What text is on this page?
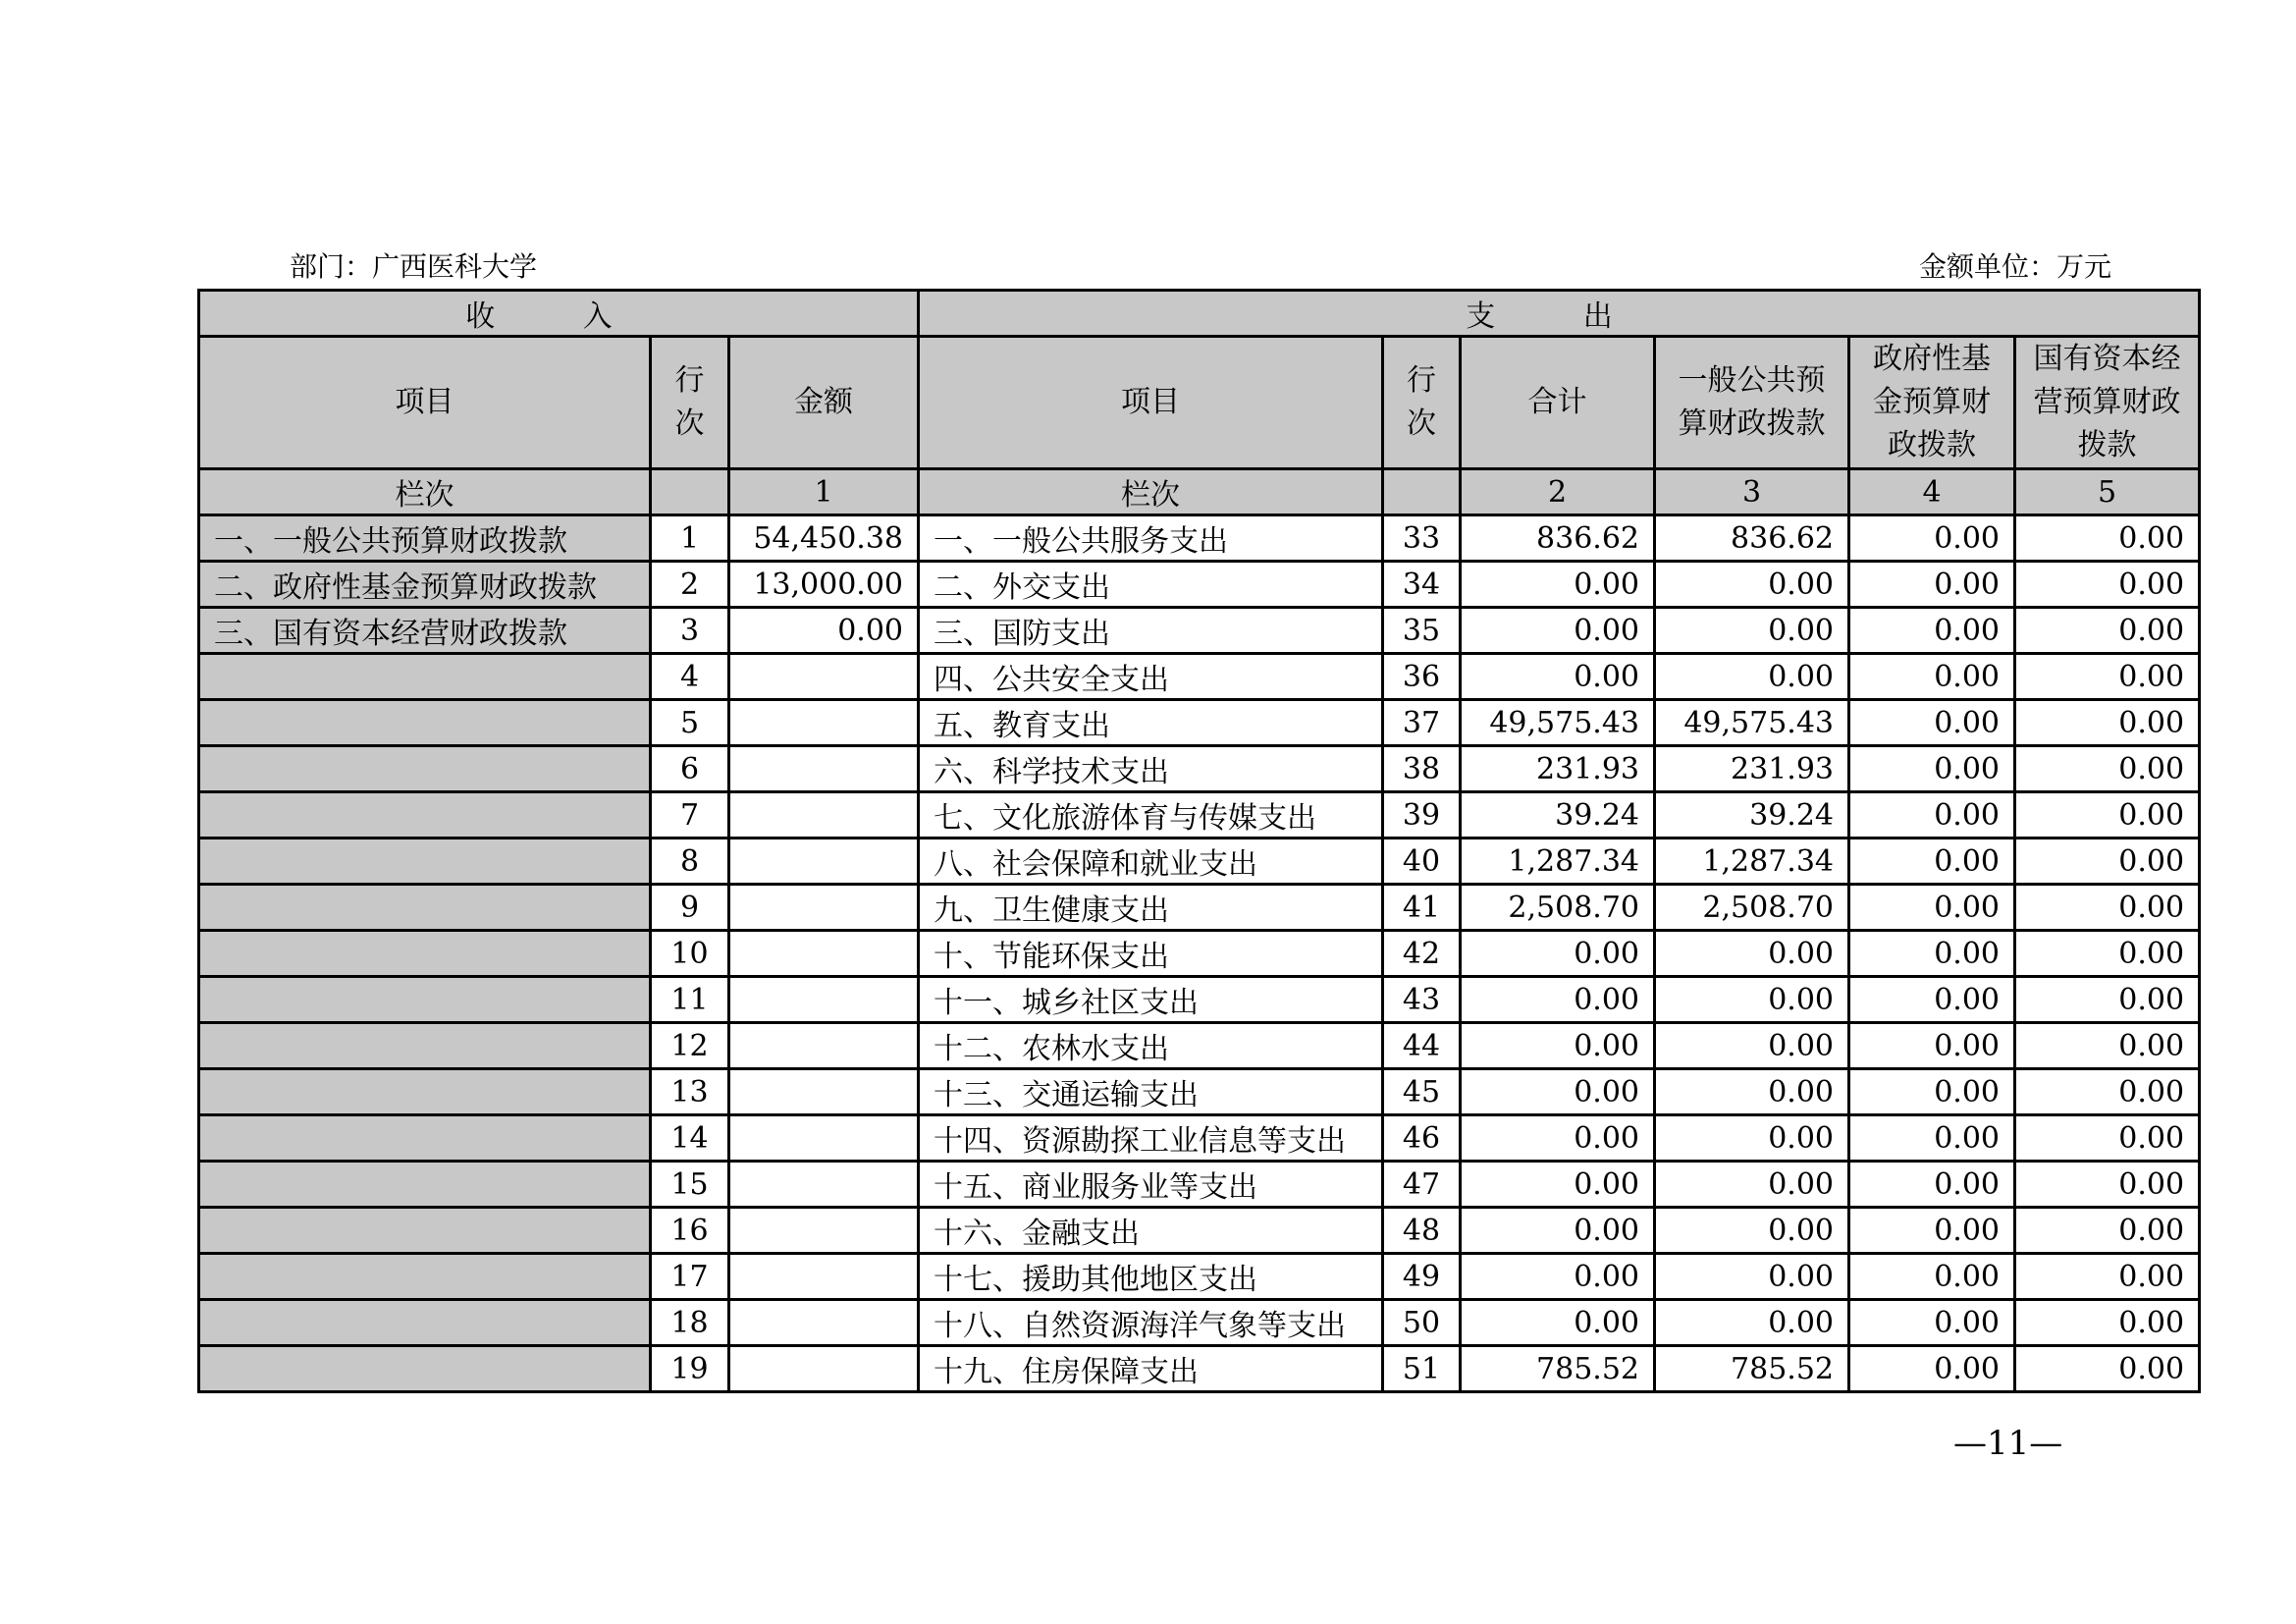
部门：广西医科大学	金额单位：万元
收 入			支 出					
项目	行次	金额	项目	行次	合计	一般公共预算财政拨款	政府性基金预算财政拨款	国有资本经营预算财政拨款
栏次		1	栏次		2	3	4	5
一、一般公共预算财政拨款	1	54,450.38	一、一般公共服务支出	33	836.62	836.62	0.00	0.00
二、政府性基金预算财政拨款	2	13,000.00	二、外交支出	34	0.00	0.00	0.00	0.00
三、国有资本经营财政拨款	3	0.00	三、国防支出	35	0.00	0.00	0.00	0.00
	4		四、公共安全支出	36	0.00	0.00	0.00	0.00
	5		五、教育支出	37	49,575.43	49,575.43	0.00	0.00
	6		六、科学技术支出	38	231.93	231.93	0.00	0.00
	7		七、文化旅游体育与传媒支出	39	39.24	39.24	0.00	0.00
	8		八、社会保障和就业支出	40	1,287.34	1,287.34	0.00	0.00
	9		九、卫生健康支出	41	2,508.70	2,508.70	0.00	0.00
	10		十、节能环保支出	42	0.00	0.00	0.00	0.00
	11		十一、城乡社区支出	43	0.00	0.00	0.00	0.00
	12		十二、农林水支出	44	0.00	0.00	0.00	0.00
	13		十三、交通运输支出	45	0.00	0.00	0.00	0.00
	14		十四、资源勘探工业信息等支出	46	0.00	0.00	0.00	0.00
	15		十五、商业服务业等支出	47	0.00	0.00	0.00	0.00
	16		十六、金融支出	48	0.00	0.00	0.00	0.00
	17		十七、援助其他地区支出	49	0.00	0.00	0.00	0.00
	18		十八、自然资源海洋气象等支出	50	0.00	0.00	0.00	0.00
	19		十九、住房保障支出	51	785.52	785.52	0.00	0.00
—11—
